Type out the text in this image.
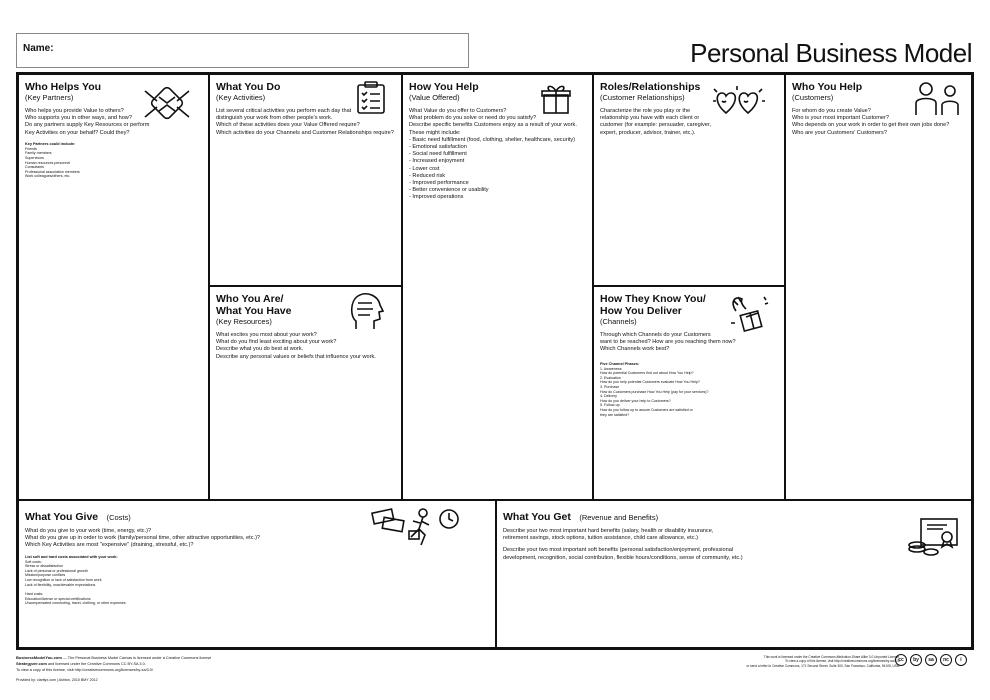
Name:	Personal Business Model
Who Helps You
(Key Partners)

Who helps you provide Value to others?

Who supports you in other ways, and how?

Do any partners supply Key Resources or perform

Key Activities on your behalf? Could they?

Key Partners could include:
Friends
Family members
Supervisors
Human resources personnel
Consultants
Professional association members
Work colleagues/others, etc.
What You Do
(Key Activities)

List several critical activities you perform each day that

distinguish your work from other people's work.

Which of these activities does your Value Offered require?

Which activities do your Channels and Customer Relationships require?

How You Help
(Value Offered)

What Value do you offer to Customers?

What problem do you solve or need do you satisfy?

Describe specific benefits Customers enjoy as a result of your work.

These might include:

- Basic need fulfillment (food, clothing, shelter, healthcare, security)
- Emotional satisfaction
- Social need fulfillment
- Increased enjoyment
- Lower cost
- Reduced risk
- Improved performance
- Better convenience or usability
- Improved operations
Roles/Relationships
(Customer Relationships)

Characterize the role you play or the

relationship you have with each client or

customer (for example: persuader, caregiver,

expert, producer, advisor, trainer, etc.).

Who You Help
(Customers)

For whom do you create Value?

Who is your most important Customer?

Who depends on your work in order to get their own jobs done?

Who are your Customers' Customers?

Who You Are/
What You Have
(Key Resources)

What excites you most about your work?

What do you find least exciting about your work?

Describe what you do best at work.

Describe any personal values or beliefs that influence your work.

How They Know You/
How You Deliver
(Channels)

Through which Channels do your Customers

want to be reached? How are you reaching them now?

Which Channels work best?

Five Channel Phases:
1. Awareness
How do potential Customers find out about How You Help?
2. Evaluation
How do you help potential Customers evaluate How You Help?
3. Purchase
How do Customers purchase How You Help (pay for your services)?
4. Delivery
How do you deliver your help to Customers?
5. Follow-up
How do you follow up to assure Customers are satisfied or
they are satisfied?
What You Give (Costs)

What do you give to your work (time, energy, etc.)?

What do you give up in order to work (family/personal time, other attractive opportunities, etc.)?

Which Key Activities are most "expensive" (draining, stressful, etc.)?

List soft and hard costs associated with your work:
Soft costs:
Stress or dissatisfaction
Lack of personal or professional growth
Mission/purpose conflicts
Low recognition or lack of satisfaction from work
Lack of flexibility, unachievable expectations
Hard costs:
Education/license or special certifications
Uncompensated commuting, travel, clothing, or other expenses
What You Get (Revenue and Benefits)

Describe your two most important hard benefits (salary, health or disability insurance,

retirement savings, stock options, tuition assistance, child care allowance, etc.)

Describe your two most important soft benefits (personal satisfaction/enjoyment, professional

development, recognition, social contribution, flexible hours/conditions, sense of community, etc.)

BusinessModelYou.com — The Personal Business Model Canvas is licensed under a Creative Commons license

Strategyzer.com and licensed under the Creative Commons CC BY-SA 3.0.

To view a copy of this license, visit http://creativecommons.org/licenses/by-sa/3.0/

Provided by: clarityx.com | Ashton, 2010 BMY 2012

This work is licensed under the Creative Commons Attribution-Share Alike 3.0 Unported License.

To view a copy of this license, visit http://creativecommons.org/licenses/by-sa/3.0/

or send a letter to Creative Commons, 171 Second Street, Suite 300, San Francisco, California, 94105, USA.

cc	by	sa	nc	i
